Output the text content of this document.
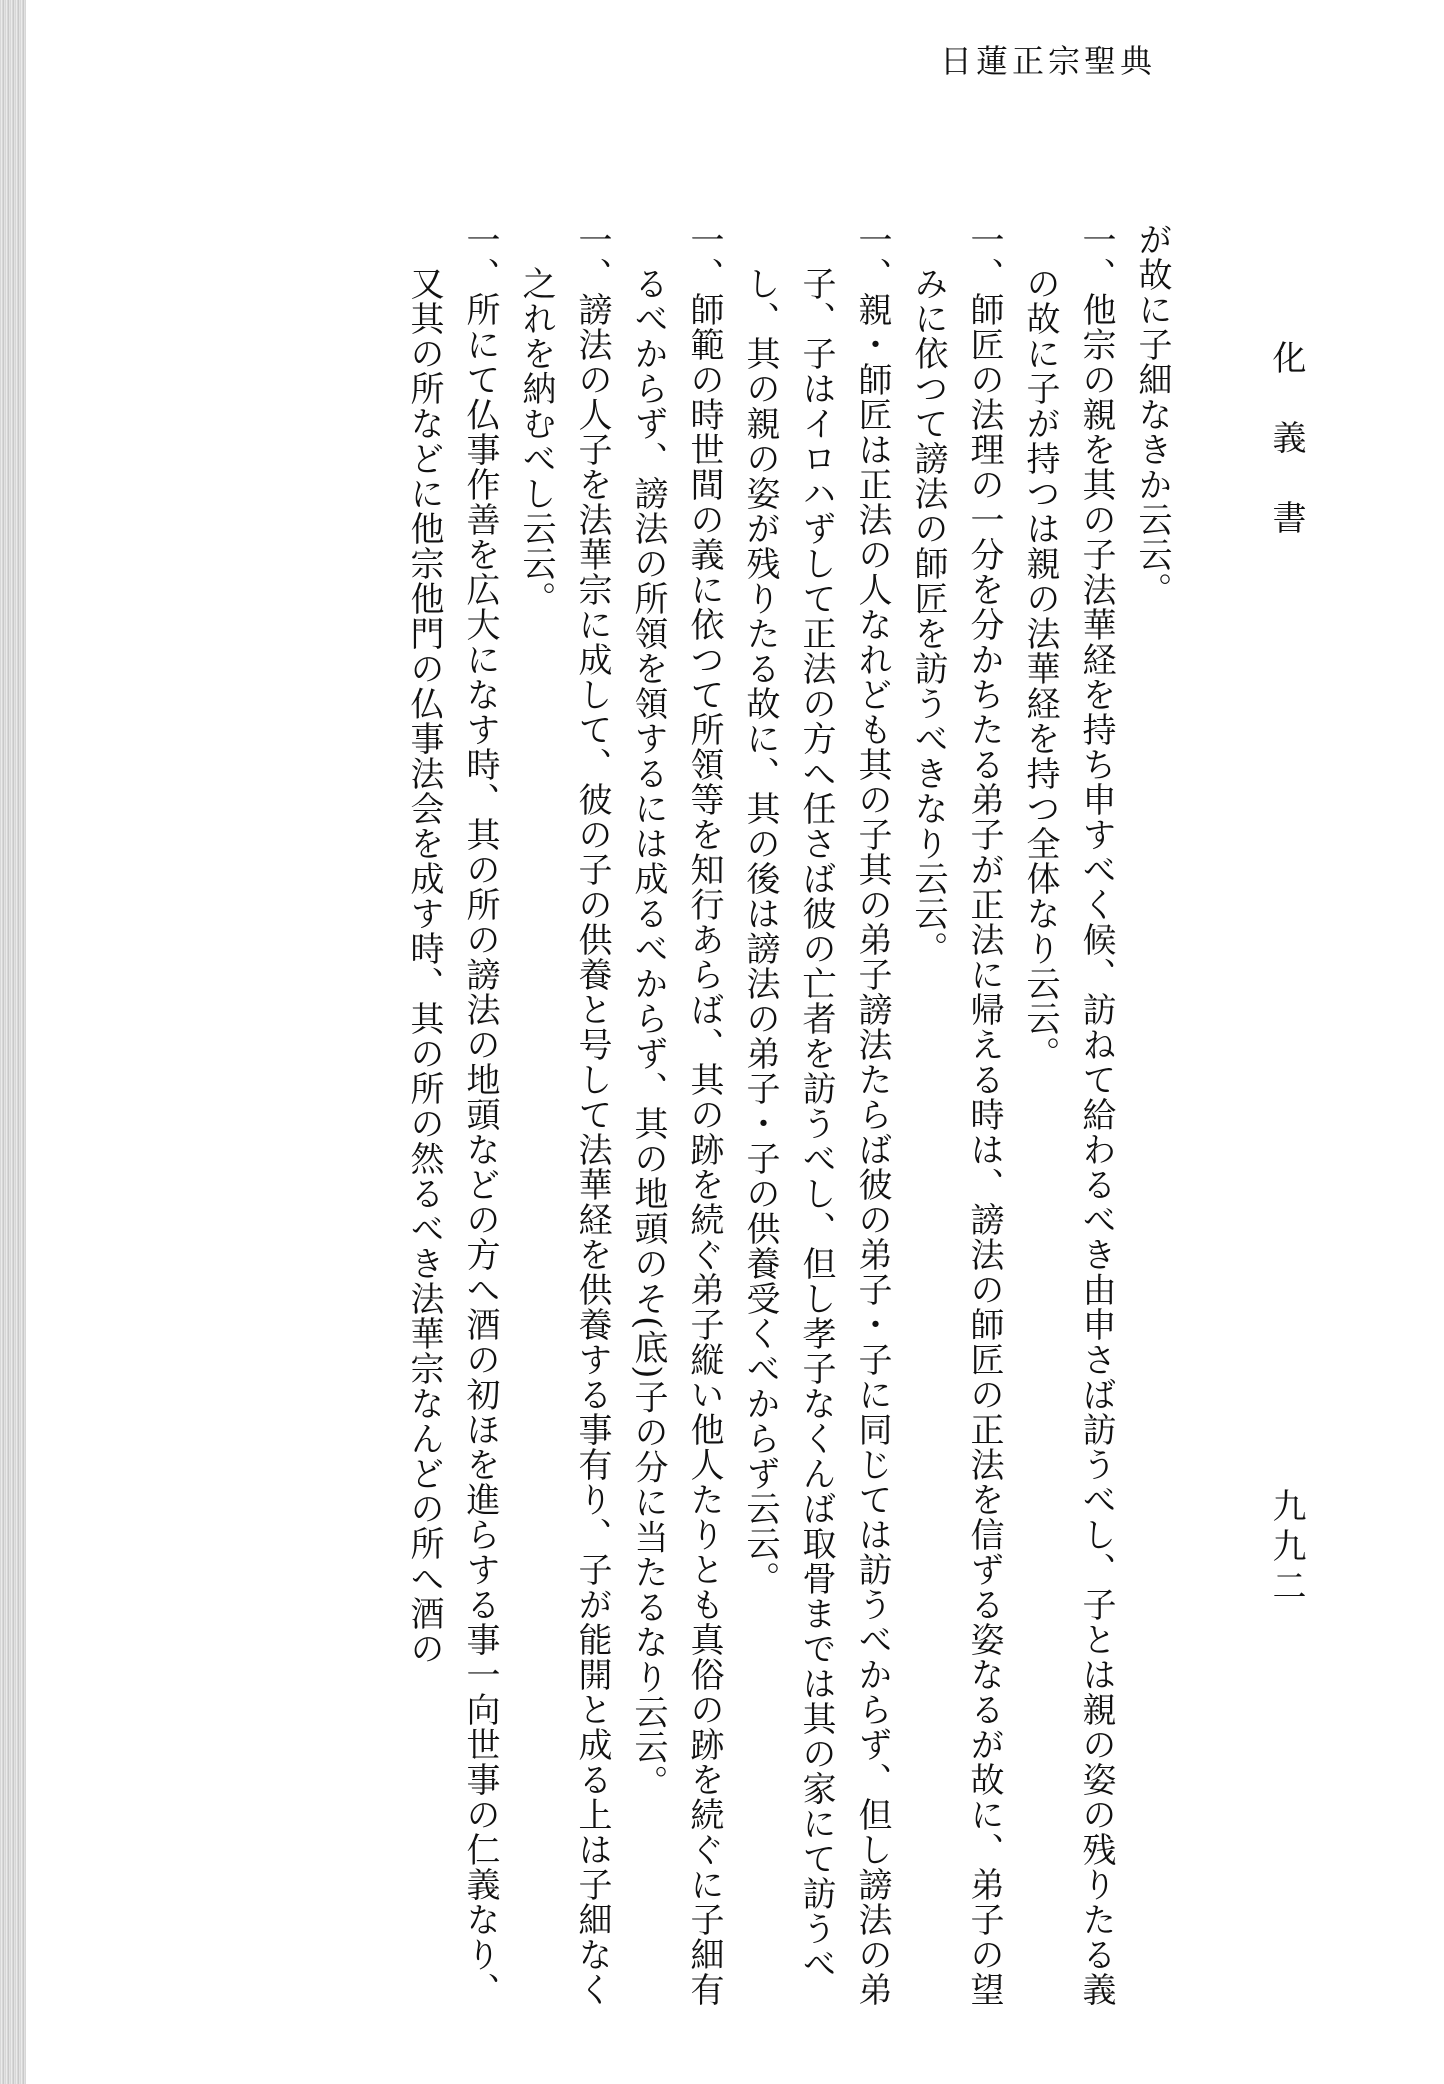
日蓮正宗聖典
化義書
九九二

が故に子細なきか云云。

一、他宗の親を其の子法華経を持ち申すべく候、訪ねて給わるべき由申さば訪うべし、子とは親の姿の残りたる義の故に子が持つは親の法華経を持つ全体なり云云。

一、師匠の法理の一分を分かちたる弟子が正法に帰える時は、謗法の師匠の正法を信ずる姿なるが故に、弟子の望みに依つて謗法の師匠を訪うべきなり云云。

一、親・師匠は正法の人なれども其の子其の弟子謗法たらば彼の弟子・子に同じては訪うべからず、但し謗法の弟子、子はイロハずして正法の方へ任さば彼の亡者を訪うべし、但し孝子なくんば取骨までは其の家にて訪うべし、其の親の姿が残りたる故に、其の後は謗法の弟子・子の供養受くべからず云云。

一、師範の時世間の義に依つて所領等を知行あらば、其の跡を続ぐ弟子縦い他人たりとも真俗の跡を続ぐに子細有るべからず、謗法の所領を領するには成るべからず、其の地頭のそ(底)子の分に当たるなり云云。

一、謗法の人子を法華宗に成して、彼の子の供養と号して法華経を供養する事有り、子が能開と成る上は子細なく之れを納むべし云云。

一、所にて仏事作善を広大になす時、其の所の謗法の地頭などの方へ酒の初ほを進らする事一向世事の仁義なり、又其の所などに他宗他門の仏事法会を成す時、其の所の然るべき法華宗なんどの所へ酒の
